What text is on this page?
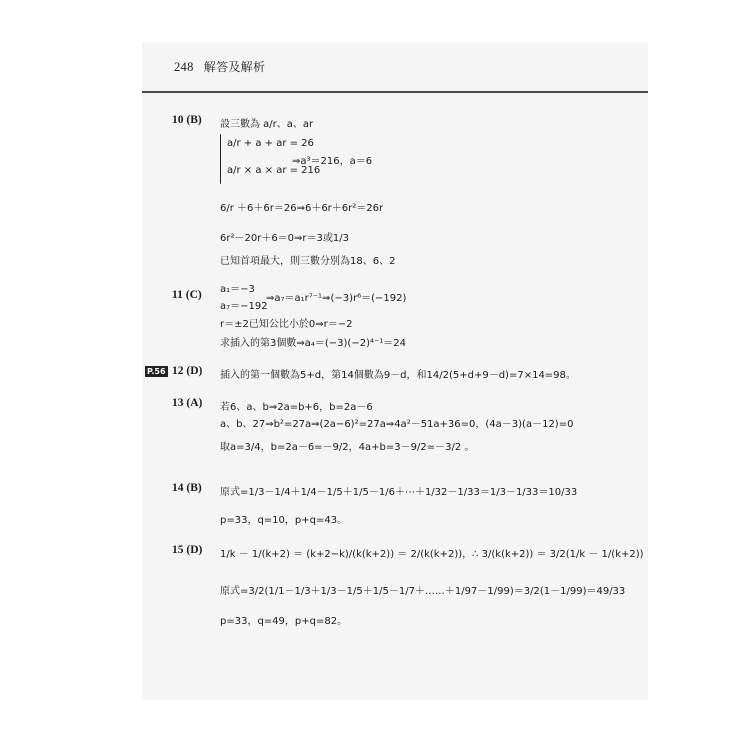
248 解答及解析
10 (B) 設三數為 a/r、a、ar
a/r + a + ar = 26
a/r × a × ar = 216
⇒a³＝216，a＝6
6/r ＋6＋6r＝26⇒6＋6r＋6r²＝26r
6r²－20r＋6＝0⇒r＝3或1/3
已知首項最大，則三數分別為18、6、2
11 (C) a₁＝−3
a₇＝−192
⇒a₇＝a₁r⁷⁻¹⇒(−3)r⁶＝(−192)
r＝±2已知公比小於0⇒r＝−2
求插入的第3個數⇒a₄＝(−3)(−2)⁴⁻¹＝24
P.56 12 (D) 插入的第一個數為5+d，第14個數為9－d，和14/2(5+d+9－d)=7×14=98。
13 (A) 若6、a、b⇒2a=b+6，b=2a－6
a、b、27⇒b²=27a⇒(2a−6)²=27a⇒4a²－51a+36=0，(4a－3)(a－12)=0
取a=3/4，b=2a－6=－9/2，4a+b=3－9/2=－3/2 。
14 (B) 原式=1/3－1/4＋1/4－1/5＋1/5－1/6＋⋯＋1/32－1/33＝1/3－1/33＝10/33
p=33，q=10，p+q=43。
15 (D) 1/k － 1/(k+2) ＝ (k+2−k)/(k(k+2)) ＝ 2/(k(k+2))，∴ 3/(k(k+2)) ＝ 3/2(1/k － 1/(k+2))
原式=3/2(1/1－1/3＋1/3－1/5＋1/5－1/7＋……＋1/97－1/99)＝3/2(1－1/99)＝49/33
p=33，q=49，p+q=82。
